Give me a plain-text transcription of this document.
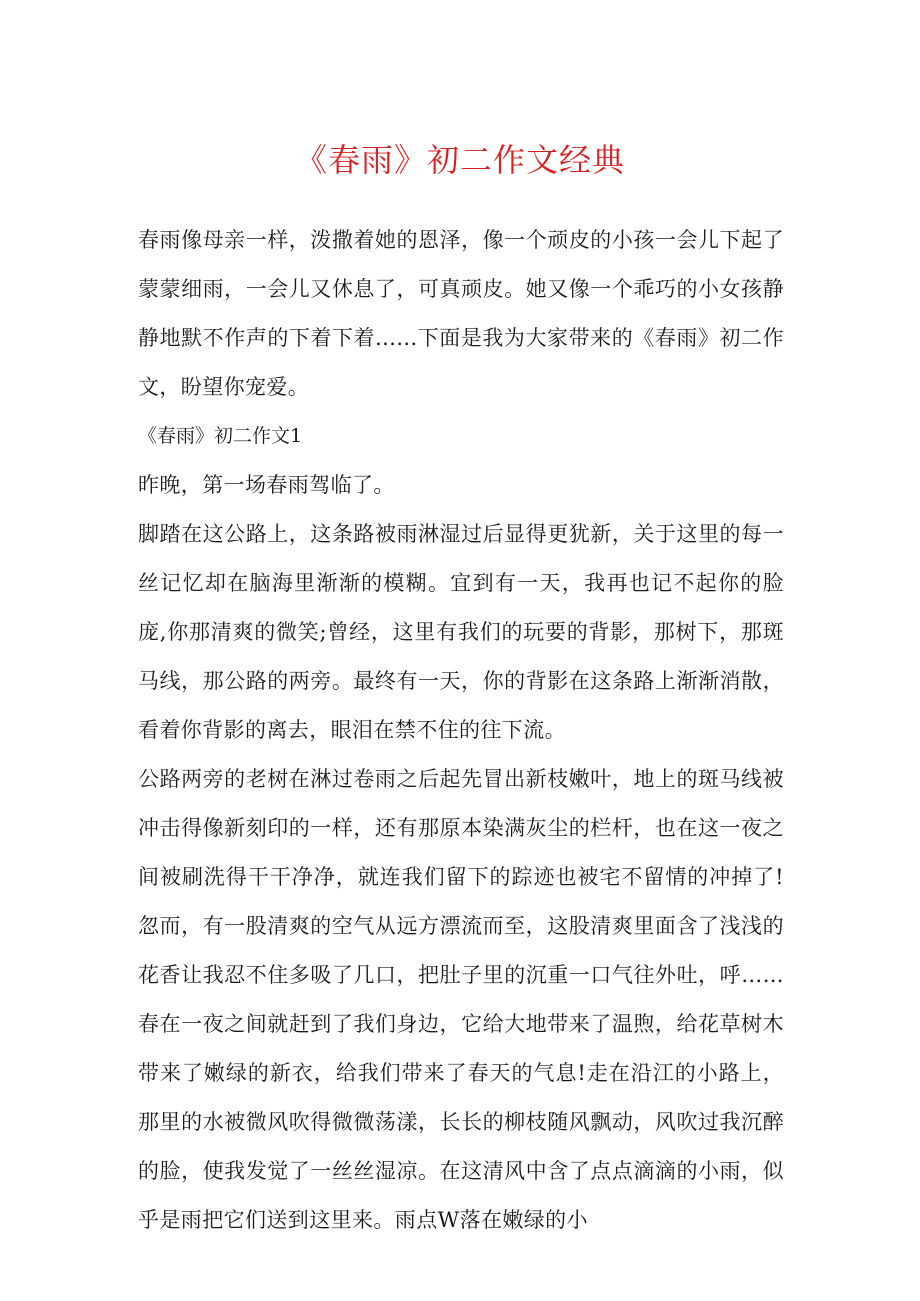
《春雨》初二作文经典

春雨像母亲一样，泼撒着她的恩泽，像一个顽皮的小孩一会儿下起了蒙蒙细雨，一会儿又休息了，可真顽皮。她又像一个乖巧的小女孩静静地默不作声的下着下着......下面是我为大家带来的《春雨》初二作文，盼望你宠爱。

《春雨》初二作文1

昨晚，第一场春雨驾临了。

脚踏在这公路上，这条路被雨淋湿过后显得更犹新，关于这里的每一丝记忆却在脑海里渐渐的模糊。宜到有一天，我再也记不起你的脸庞,你那清爽的微笑;曾经，这里有我们的玩要的背影，那树下，那斑马线，那公路的两旁。最终有一天，你的背影在这条路上渐渐消散，看着你背影的离去，眼泪在禁不住的往下流。

公路两旁的老树在淋过卷雨之后起先冒出新枝嫩叶，地上的斑马线被冲击得像新刻印的一样，还有那原本染满灰尘的栏杆，也在这一夜之间被刷洗得干干净净，就连我们留下的踪迹也被宅不留情的冲掉了!忽而，有一股清爽的空气从远方漂流而至，这股清爽里面含了浅浅的花香让我忍不住多吸了几口，把肚子里的沉重一口气往外吐，呼……春在一夜之间就赶到了我们身边，它给大地带来了温煦，给花草树木带来了嫩绿的新衣，给我们带来了春天的气息!走在沿江的小路上，那里的水被微风吹得微微荡漾，长长的柳枝随风飘动，风吹过我沉醉的脸，使我发觉了一丝丝湿凉。在这清风中含了点点滴滴的小雨，似乎是雨把它们送到这里来。雨点W落在嫩绿的小
